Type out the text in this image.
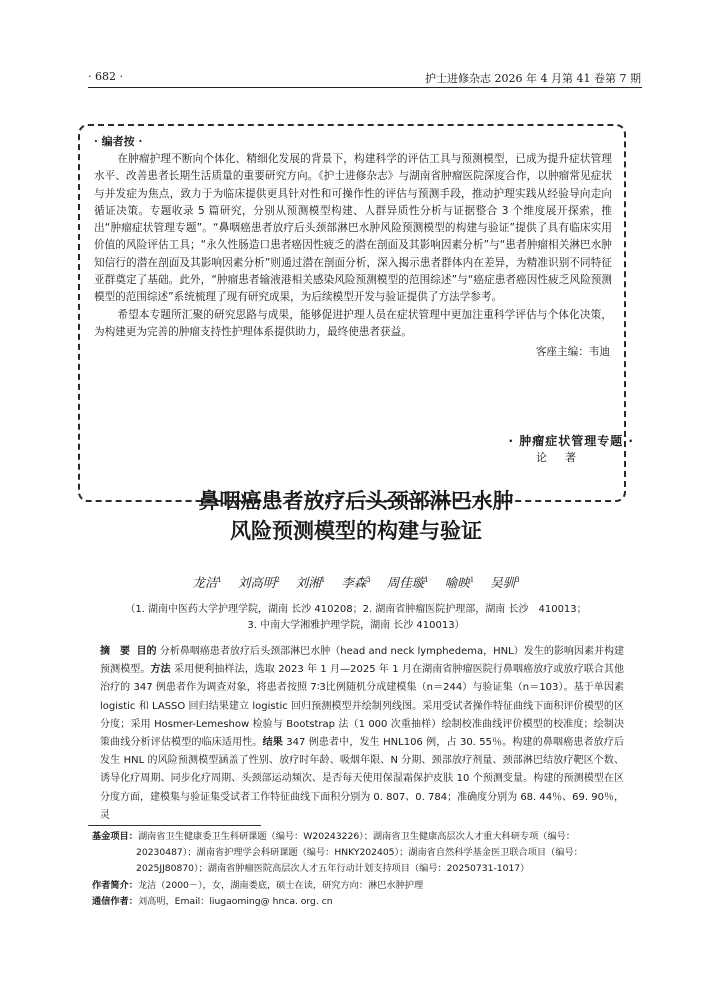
· 682 ·	护士进修杂志 2026 年 4 月第 41 卷第 7 期
· 编者按 ·

在肿瘤护理不断向个体化、精细化发展的背景下，构建科学的评估工具与预测模型，已成为提升症状管理水平、改善患者长期生活质量的重要研究方向。《护士进修杂志》与湖南省肿瘤医院深度合作，以肿瘤常见症状与并发症为焦点，致力于为临床提供更具针对性和可操作性的评估与预测手段，推动护理实践从经验导向走向循证决策。专题收录 5 篇研究，分别从预测模型构建、人群异质性分析与证据整合 3 个维度展开探索，推出“肿瘤症状管理专题”。“鼻咽癌患者放疗后头颈部淋巴水肿风险预测模型的构建与验证”提供了具有临床实用价值的风险评估工具；“永久性肠造口患者癌因性疲乏的潜在剖面及其影响因素分析”与“患者肿瘤相关淋巴水肿知信行的潜在剖面及其影响因素分析”则通过潜在剖面分析，深入揭示患者群体内在差异，为精准识别不同特征亚群奠定了基础。此外，“肿瘤患者输液港相关感染风险预测模型的范围综述”与“癌症患者癌因性疲乏风险预测模型的范围综述”系统梳理了现有研究成果，为后续模型开发与验证提供了方法学参考。

希望本专题所汇聚的研究思路与成果，能够促进护理人员在症状管理中更加注重科学评估与个体化决策，为构建更为完善的肿瘤支持性护理体系提供助力，最终使患者获益。

客座主编：韦迪
· 肿瘤症状管理专题 ·
论著
鼻咽癌患者放疗后头颈部淋巴水肿
风险预测模型的构建与验证
龙洁$^1$ 刘高明$^2$ 刘湘$^1$ 李森$^3$ 周佳璇$^1$ 喻映$^1$ 吴驯$^3$
（1. 湖南中医药大学护理学院，湖南 长沙 410208；2. 湖南省肿瘤医院护理部，湖南 长沙　410013；
3. 中南大学湘雅护理学院，湖南 长沙 410013）
摘　要 目的 分析鼻咽癌患者放疗后头颈部淋巴水肿（head and neck lymphedema，HNL）发生的影响因素并构建预测模型。方法 采用便利抽样法，选取 2023 年 1 月—2025 年 1 月在湖南省肿瘤医院行鼻咽癌放疗或放疗联合其他治疗的 347 例患者作为调查对象，将患者按照 7∶3比例随机分成建模集（n＝244）与验证集（n＝103）。基于单因素 logistic 和 LASSO 回归结果建立 logistic 回归预测模型并绘制列线图。采用受试者操作特征曲线下面积评价模型的区分度；采用 Hosmer-Lemeshow 检验与 Bootstrap 法（1 000 次重抽样）绘制校准曲线评价模型的校准度；绘制决策曲线分析评估模型的临床适用性。结果 347 例患者中，发生 HNL106 例，占 30. 55％。构建的鼻咽癌患者放疗后发生 HNL 的风险预测模型涵盖了性别、放疗时年龄、吸烟年限、N 分期、颈部放疗剂量、颈部淋巴结放疗靶区个数、诱导化疗周期、同步化疗周期、头颈部运动频次、是否每天使用保湿霜保护皮肤 10 个预测变量。构建的预测模型在区分度方面，建模集与验证集受试者工作特征曲线下面积分别为 0. 807、0. 784；准确度分别为 68. 44％、69. 90％，灵
基金项目：湖南省卫生健康委卫生科研课题（编号：W20243226）；湖南省卫生健康高层次人才重大科研专项（编号：
20230487）；湖南省护理学会科研课题（编号：HNKY202405）；湖南省自然科学基金医卫联合项目（编号：
2025JJ80870）；湖南省肿瘤医院高层次人才五年行动计划支持项目（编号：20250731-1017）
作者简介：龙洁（2000－），女，湖南娄底，硕士在读，研究方向：淋巴水肿护理
通信作者：刘高明，Email：liugaoming@ hnca. org. cn
